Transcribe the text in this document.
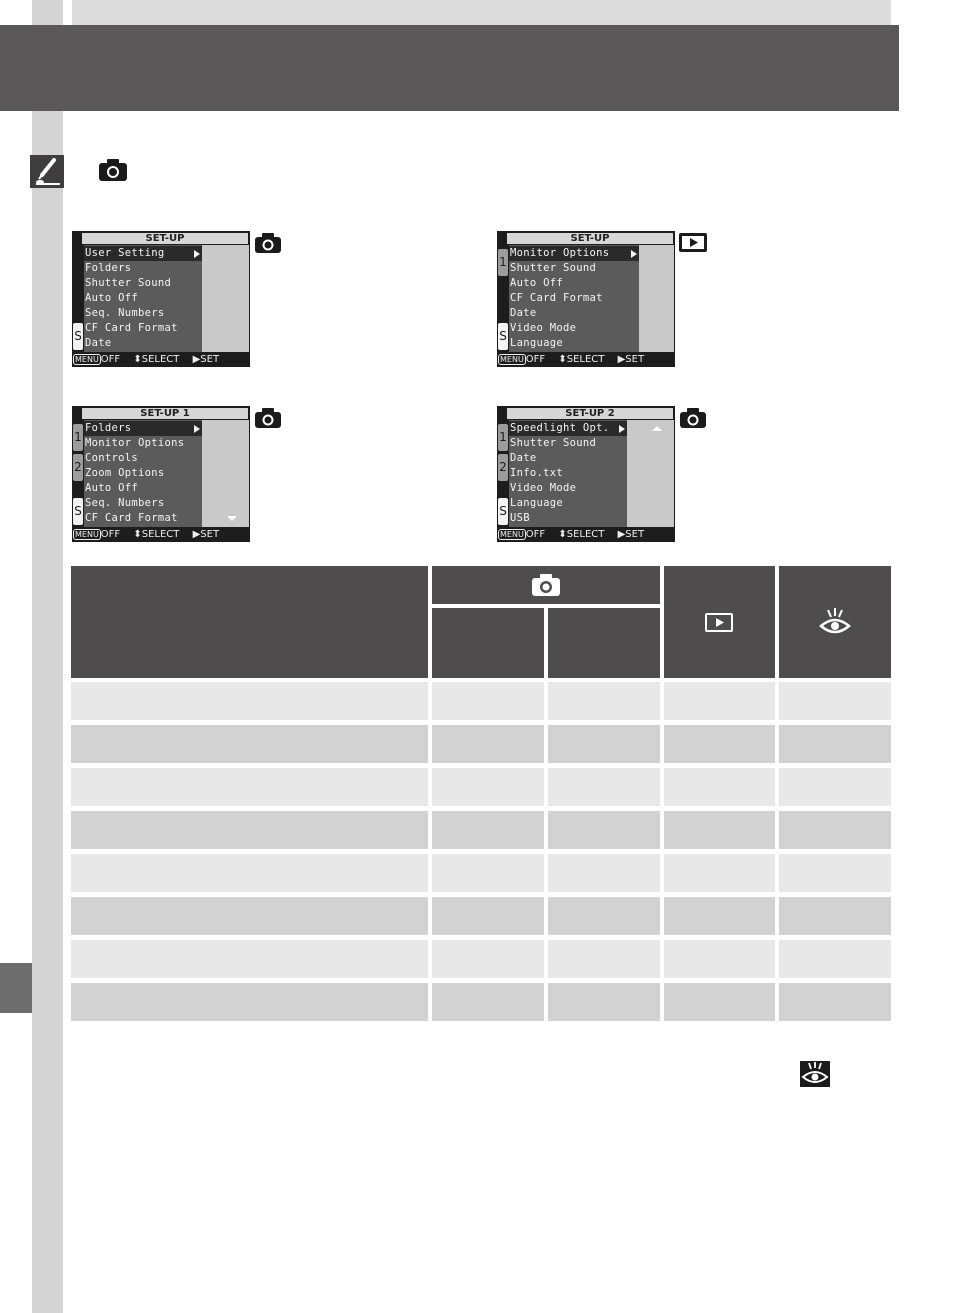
SET-UP
S
User Setting
Folders
Shutter Sound
Auto Off
Seq. Numbers
CF Card Format
Date
MENU OFF ⬍SELECT ▶SET
SET-UP
1
S
Monitor Options
Shutter Sound
Auto Off
CF Card Format
Date
Video Mode
Language
MENU OFF ⬍SELECT ▶SET
SET-UP 1
1
2
S
Folders
Monitor Options
Controls
Zoom Options
Auto Off
Seq. Numbers
CF Card Format
MENU OFF ⬍SELECT ▶SET
SET-UP 2
1
2
S
Speedlight Opt.
Shutter Sound
Date
Info.txt
Video Mode
Language
USB
MENU OFF ⬍SELECT ▶SET
